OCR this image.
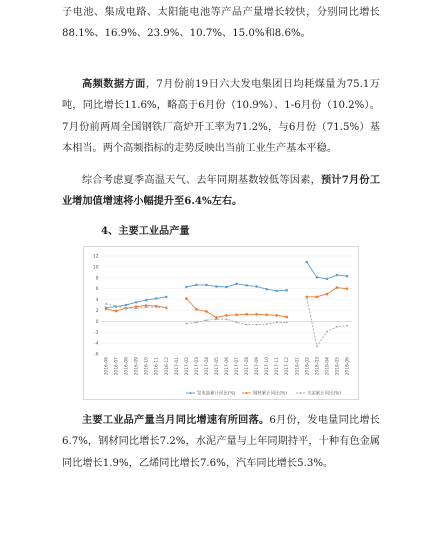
子电池、集成电路、太阳能电池等产品产量增长较快，分别同比增长88.1%、16.9%、23.9%、10.7%、15.0%和8.6%。

高频数据方面，7月份前19日六大发电集团日均耗煤量为75.1万吨，同比增长11.6%，略高于6月份（10.9%）、1-6月份（10.2%）。7月份前两周全国钢铁厂高炉开工率为71.2%，与6月份（71.5%）基本相当。两个高频指标的走势反映出当前工业生产基本平稳。

综合考虑夏季高温天气、去年同期基数较低等因素，预计7月份工业增加值增速将小幅提升至6.4%左右。

4、主要工业品产量

-6
-4
-2
0
2
4
6
8
10
12
2016-06 2016-07 2016-08 2016-09 2016-10 2016-11 2016-12 2017-01 2017-02 2017-03 2017-04 2017-05 2017-06 2017-07 2017-08 2017-09 2017-10 2017-11 2017-12 2018-01 2018-02 2018-03 2018-04 2018-05 2018-06
发电量累计同比(%)	钢材累计同比(%)	水泥累计同比(%)

主要工业品产量当月同比增速有所回落。6月份，发电量同比增长6.7%，钢材同比增长7.2%，水泥产量与上年同期持平，十种有色金属同比增长1.9%，乙烯同比增长7.6%，汽车同比增长5.3%。
